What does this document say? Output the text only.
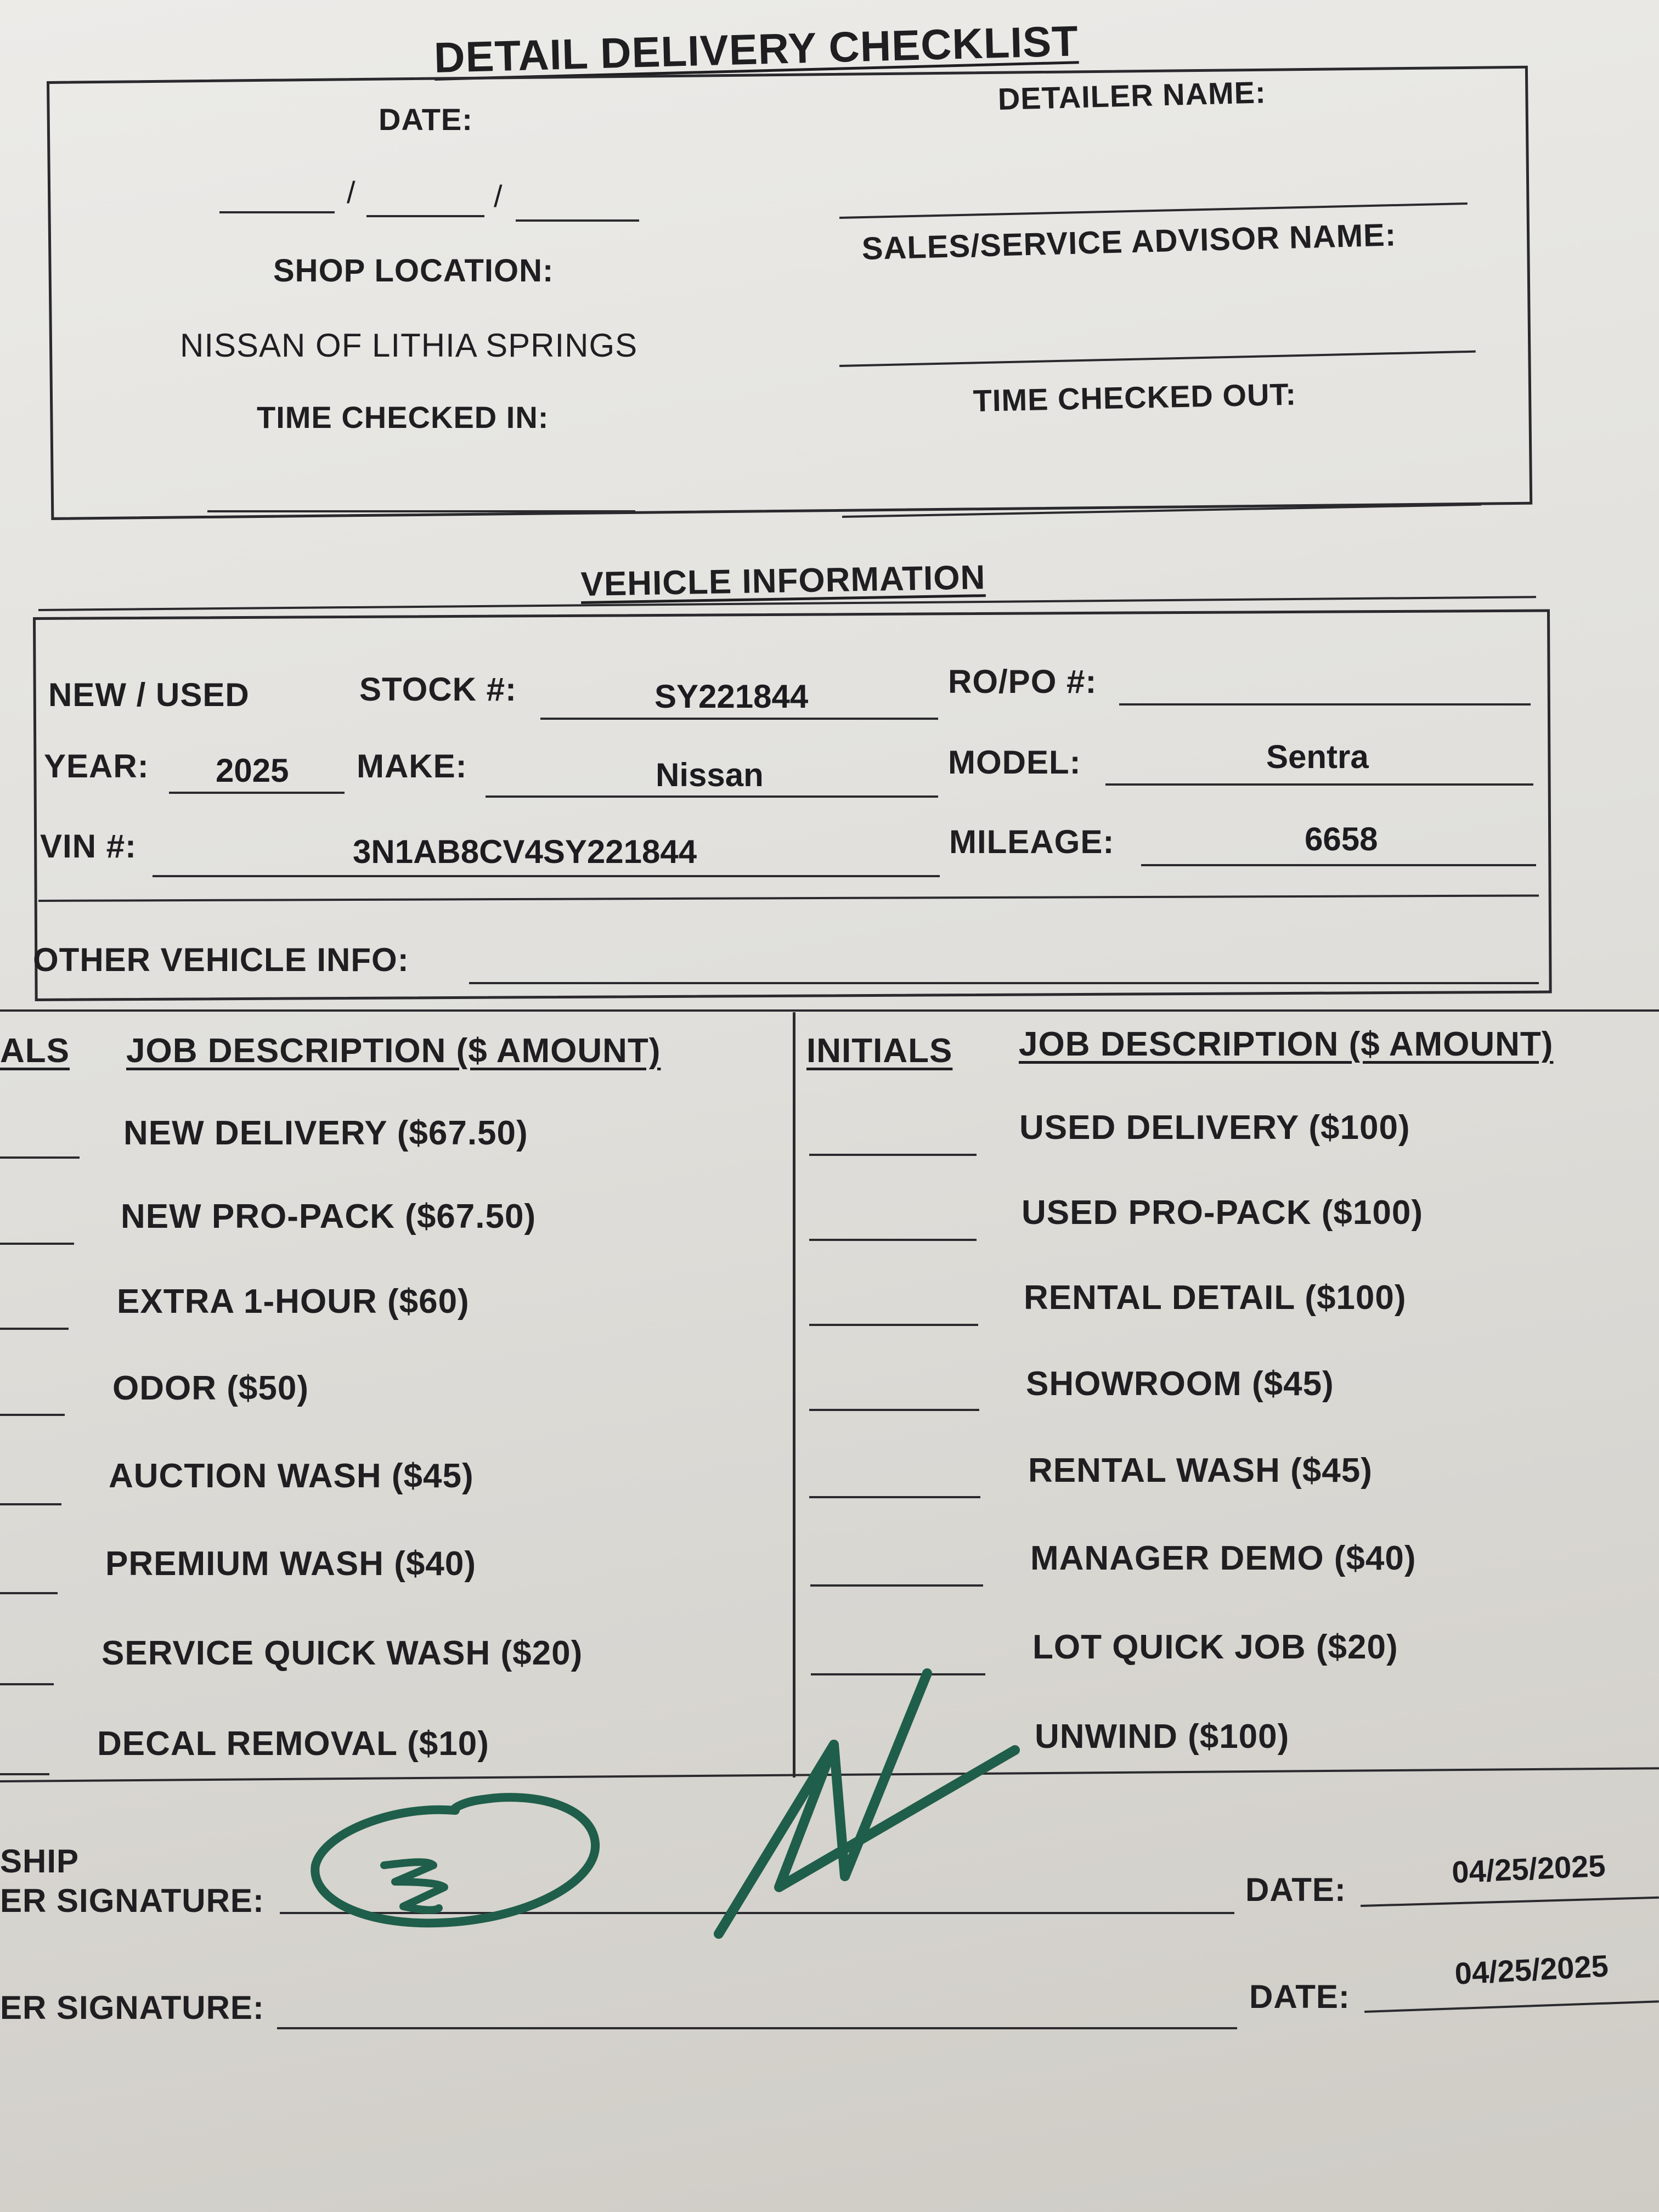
DETAIL DELIVERY CHECKLIST
DATE:
/	/
DETAILER NAME:
SHOP LOCATION:
NISSAN OF LITHIA SPRINGS
SALES/SERVICE ADVISOR NAME:
TIME CHECKED IN:	TIME CHECKED OUT:
VEHICLE INFORMATION
NEW / USED	STOCK #:	SY221844	RO/PO #:
YEAR: 2025 MAKE:	Nissan	MODEL:	Sentra
VIN #:	3N1AB8CV4SY221844	MILEAGE:	6658
OTHER VEHICLE INFO:
ALS JOB DESCRIPTION ($ AMOUNT)	INITIALS JOB DESCRIPTION ($ AMOUNT)
NEW DELIVERY ($67.50)
NEW PRO-PACK ($67.50)
EXTRA 1-HOUR ($60)
ODOR ($50)
AUCTION WASH ($45)
PREMIUM WASH ($40)
SERVICE QUICK WASH ($20)
DECAL REMOVAL ($10)
USED DELIVERY ($100)
USED PRO-PACK ($100)
RENTAL DETAIL ($100)
SHOWROOM ($45)
RENTAL WASH ($45)
MANAGER DEMO ($40)
LOT QUICK JOB ($20)
UNWIND ($100)
SHIP
ER SIGNATURE:	DATE:
04/25/2025
ER SIGNATURE:	DATE:
04/25/2025
